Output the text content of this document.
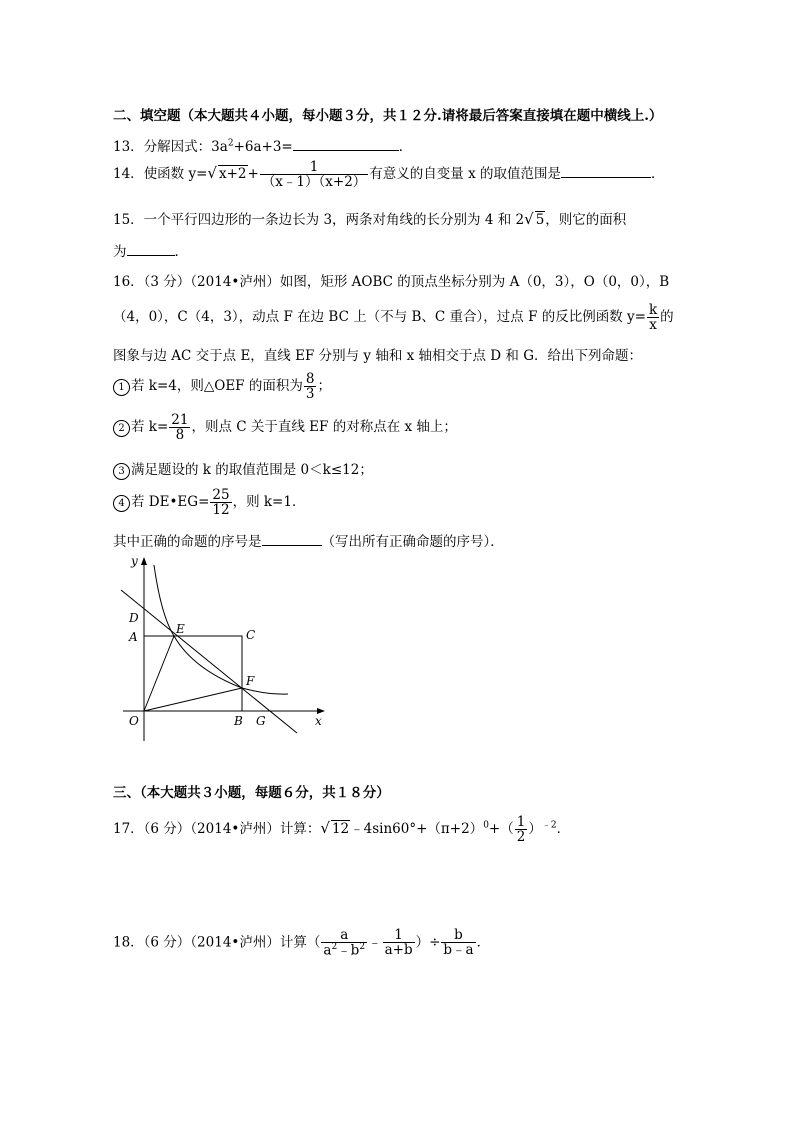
二、填空题（本大题共４小题，每小题３分，共１２分.请将最后答案直接填在题中横线上.）
13．分解因式：$3a^2+6a+3=$	．
14．使函数 y=√ $x+2+ \frac{1}{(x﹣1)(x+2)}$ 有意义的自变量 x 的取值范围是	．
15．一个平行四边形的一条边长为 3，两条对角线的长分别为 4 和 2√ 5，则它的面积
为	．
16．（3 分）（2014•泸州）如图，矩形 AOBC 的顶点坐标分别为 A（0，3），O（0，0），B
（4，0），C（4，3），动点 F 在边 BC 上（不与 B、C 重合），过点 F 的反比例函数 $y= \frac{k}{x}$ 的
图象与边 AC 交于点 E，直线 EF 分别与 y 轴和 x 轴相交于点 D 和 G．给出下列命题：
1 若 k=4，则△OEF 的面积为 $\frac{8}{3}$ ；
2 若 $k= \frac{21}{8}$ ，则点 C 关于直线 EF 的对称点在 x 轴上；
3 满足题设的 k 的取值范围是 0＜k≤12；
4 若 DE•EG= $\frac{25}{12}$ ，则 k=1．
其中正确的命题的序号是	（写出所有正确命题的序号）．
y
x
D
A
E	C
F
O	B G
三、（本大题共３小题，每题６分，共１８分）
17．（6 分）（2014•泸州）计算：√ $12﹣4\sin 60^\circ+(\pi+2)^0+( \frac{1}{2} )^{﹣2}$．
18．（6 分）（2014•泸州）计算（ $\frac{a}{a^2﹣b^2}$ ﹣ $\frac{1}{a+b}$ ）÷ $\frac{b}{b﹣a}$ ．
